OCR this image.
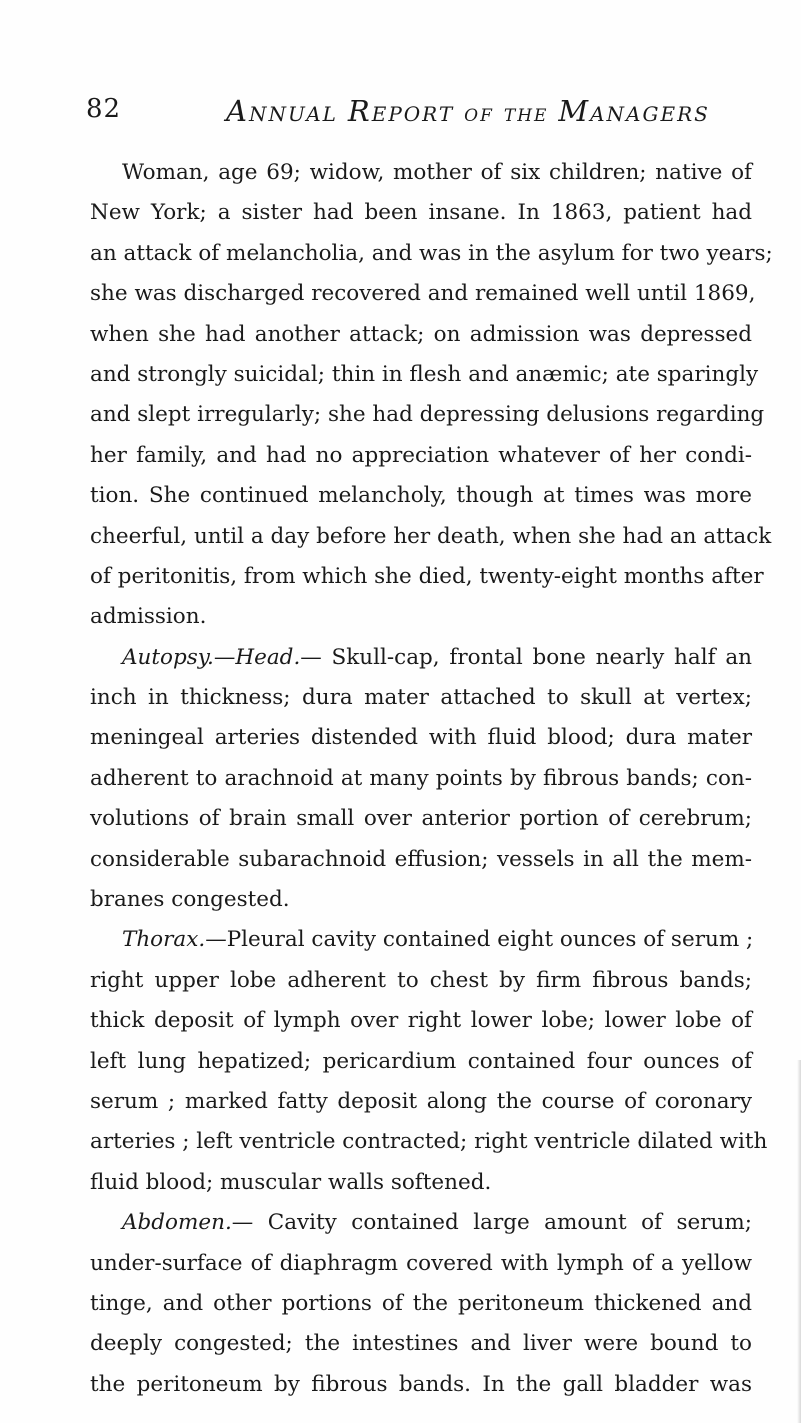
82	ANNUAL REPORT OF THE MANAGERS
Woman, age 69; widow, mother of six children; native of
New York; a sister had been insane. In 1863, patient had
an attack of melancholia, and was in the asylum for two years;
she was discharged recovered and remained well until 1869,
when she had another attack; on admission was depressed
and strongly suicidal; thin in flesh and anæmic; ate sparingly
and slept irregularly; she had depressing delusions regarding
her family, and had no appreciation whatever of her condi-
tion. She continued melancholy, though at times was more
cheerful, until a day before her death, when she had an attack
of peritonitis, from which she died, twenty-eight months after
admission.
Autopsy.—Head.— Skull-cap, frontal bone nearly half an
inch in thickness; dura mater attached to skull at vertex;
meningeal arteries distended with fluid blood; dura mater
adherent to arachnoid at many points by fibrous bands; con-
volutions of brain small over anterior portion of cerebrum;
considerable subarachnoid effusion; vessels in all the mem-
branes congested.
Thorax.—Pleural cavity contained eight ounces of serum ;
right upper lobe adherent to chest by firm fibrous bands;
thick deposit of lymph over right lower lobe; lower lobe of
left lung hepatized; pericardium contained four ounces of
serum ; marked fatty deposit along the course of coronary
arteries ; left ventricle contracted; right ventricle dilated with
fluid blood; muscular walls softened.
Abdomen.— Cavity contained large amount of serum;
under-surface of diaphragm covered with lymph of a yellow
tinge, and other portions of the peritoneum thickened and
deeply congested; the intestines and liver were bound to
the peritoneum by fibrous bands. In the gall bladder was
